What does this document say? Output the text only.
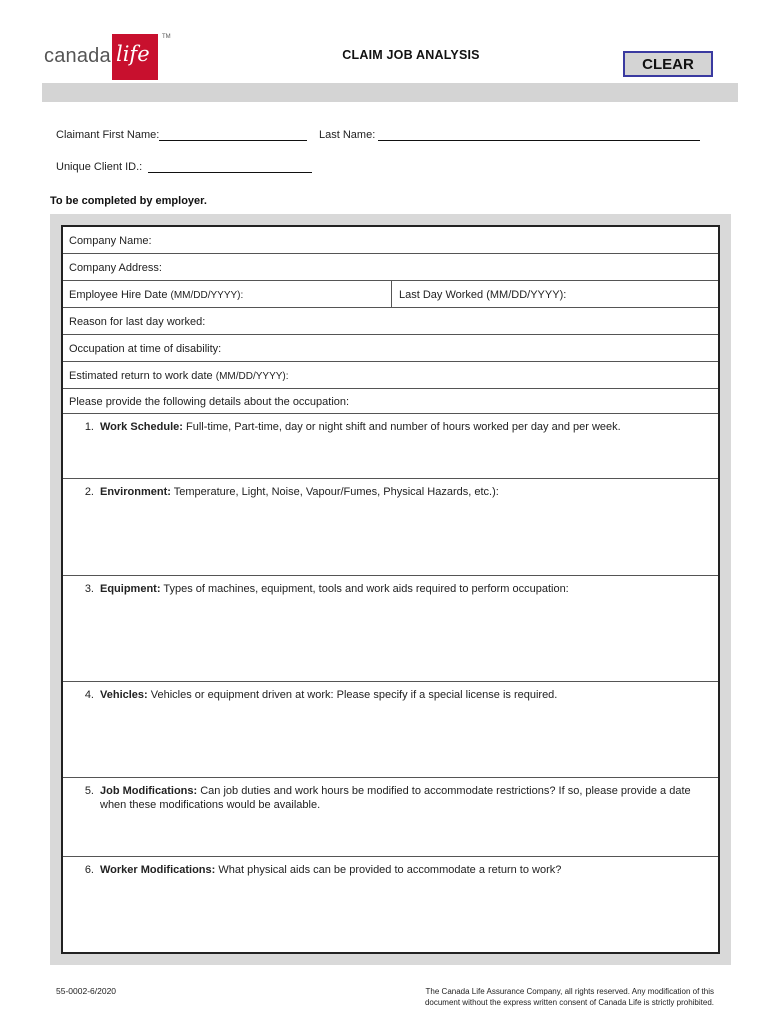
canada life
TM
CLAIM JOB ANALYSIS
CLEAR
Claimant First Name:	Last Name:
Unique Client ID.:
To be completed by employer.
Company Name:
Company Address:
Employee Hire Date (MM/DD/YYYY):	Last Day Worked (MM/DD/YYYY):
Reason for last day worked:
Occupation at time of disability:
Estimated return to work date (MM/DD/YYYY):
Please provide the following details about the occupation:
1. Work Schedule: Full-time, Part-time, day or night shift and number of hours worked per day and per week.
2. Environment: Temperature, Light, Noise, Vapour/Fumes, Physical Hazards, etc.):
3. Equipment: Types of machines, equipment, tools and work aids required to perform occupation:
4. Vehicles: Vehicles or equipment driven at work: Please specify if a special license is required.
5. Job Modifications: Can job duties and work hours be modified to accommodate restrictions? If so, please provide a date when these modifications would be available.
6. Worker Modifications: What physical aids can be provided to accommodate a return to work?
55-0002-6/2020	The Canada Life Assurance Company, all rights reserved. Any modification of this
document without the express written consent of Canada Life is strictly prohibited.
